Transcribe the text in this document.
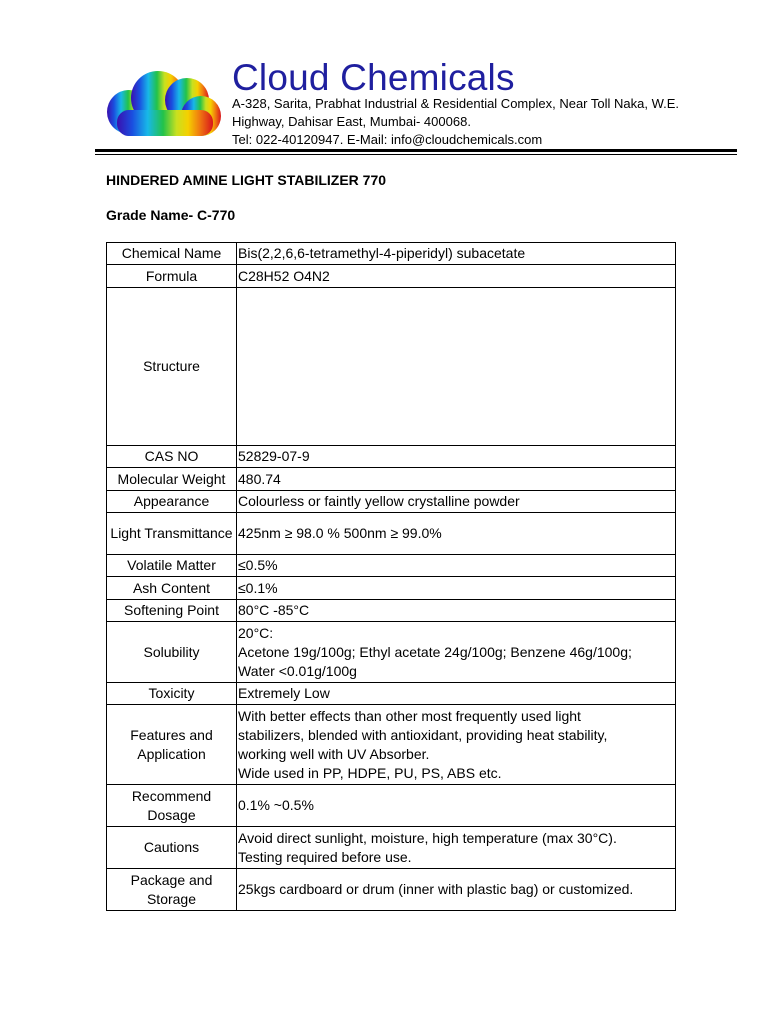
Cloud Chemicals
A-328, Sarita, Prabhat Industrial & Residential Complex, Near Toll Naka, W.E.
Highway, Dahisar East, Mumbai- 400068.
Tel: 022-40120947. E-Mail: info@cloudchemicals.com
HINDERED AMINE LIGHT STABILIZER 770
Grade Name- C-770
Chemical Name	Bis(2,2,6,6-tetramethyl-4-piperidyl) subacetate

Formula	C28H52 O4N2

Structure	

CAS NO	52829-07-9

Molecular Weight	480.74

Appearance	Colourless or faintly yellow crystalline powder

Light Transmittance	425nm ≥ 98.0 % 500nm ≥ 99.0%

Volatile Matter	≤0.5%

Ash Content	≤0.1%

Softening Point	80°C -85°C

Solubility	20°C:
Acetone 19g/100g; Ethyl acetate 24g/100g; Benzene 46g/100g;
Water <0.01g/100g

Toxicity	Extremely Low

Features and Application	With better effects than other most frequently used light
stabilizers, blended with antioxidant, providing heat stability,
working well with UV Absorber.
Wide used in PP, HDPE, PU, PS, ABS etc.

Recommend Dosage	0.1% ~0.5%

Cautions	Avoid direct sunlight, moisture, high temperature (max 30°C).
Testing required before use.

Package and Storage	25kgs cardboard or drum (inner with plastic bag) or customized.
